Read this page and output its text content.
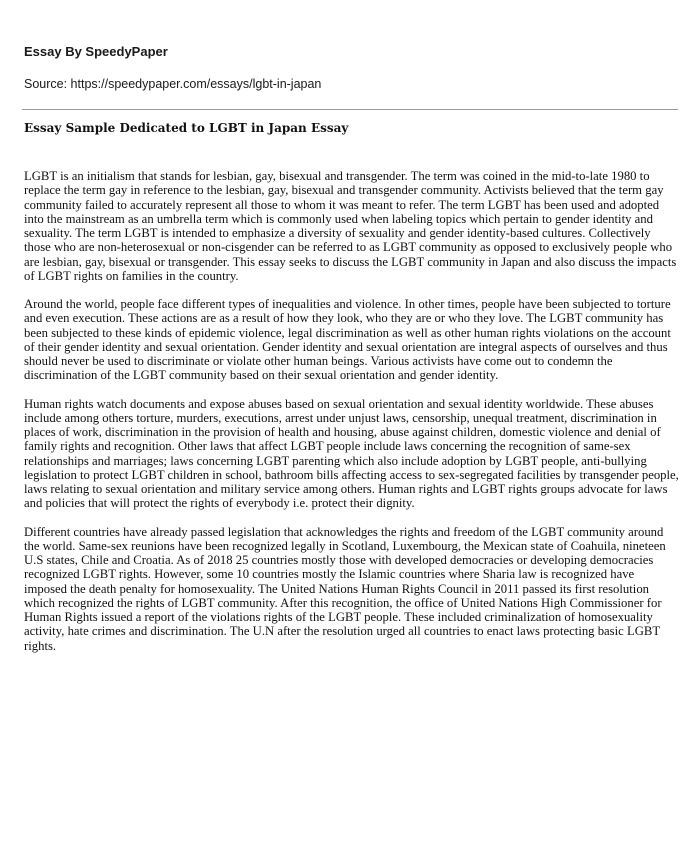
Essay By SpeedyPaper

Source: https://speedypaper.com/essays/lgbt-in-japan

Essay Sample Dedicated to LGBT in Japan Essay

LGBT is an initialism that stands for lesbian, gay, bisexual and transgender. The term was coined in the mid-to-late 1980 to replace the term gay in reference to the lesbian, gay, bisexual and transgender community. Activists believed that the term gay community failed to accurately represent all those to whom it was meant to refer. The term LGBT has been used and adopted into the mainstream as an umbrella term which is commonly used when labeling topics which pertain to gender identity and sexuality. The term LGBT is intended to emphasize a diversity of sexuality and gender identity-based cultures. Collectively those who are non-heterosexual or non-cisgender can be referred to as LGBT community as opposed to exclusively people who are lesbian, gay, bisexual or transgender. This essay seeks to discuss the LGBT community in Japan and also discuss the impacts of LGBT rights on families in the country.

Around the world, people face different types of inequalities and violence. In other times, people have been subjected to torture and even execution. These actions are as a result of how they look, who they are or who they love. The LGBT community has been subjected to these kinds of epidemic violence, legal discrimination as well as other human rights violations on the account of their gender identity and sexual orientation. Gender identity and sexual orientation are integral aspects of ourselves and thus should never be used to discriminate or violate other human beings. Various activists have come out to condemn the discrimination of the LGBT community based on their sexual orientation and gender identity.

Human rights watch documents and expose abuses based on sexual orientation and sexual identity worldwide. These abuses include among others torture, murders, executions, arrest under unjust laws, censorship, unequal treatment, discrimination in places of work, discrimination in the provision of health and housing, abuse against children, domestic violence and denial of family rights and recognition. Other laws that affect LGBT people include laws concerning the recognition of same-sex relationships and marriages; laws concerning LGBT parenting which also include adoption by LGBT people, anti-bullying legislation to protect LGBT children in school, bathroom bills affecting access to sex-segregated facilities by transgender people, laws relating to sexual orientation and military service among others. Human rights and LGBT rights groups advocate for laws and policies that will protect the rights of everybody i.e. protect their dignity.

Different countries have already passed legislation that acknowledges the rights and freedom of the LGBT community around the world. Same-sex reunions have been recognized legally in Scotland, Luxembourg, the Mexican state of Coahuila, nineteen U.S states, Chile and Croatia. As of 2018 25 countries mostly those with developed democracies or developing democracies recognized LGBT rights. However, some 10 countries mostly the Islamic countries where Sharia law is recognized have imposed the death penalty for homosexuality. The United Nations Human Rights Council in 2011 passed its first resolution which recognized the rights of LGBT community. After this recognition, the office of United Nations High Commissioner for Human Rights issued a report of the violations rights of the LGBT people. These included criminalization of homosexuality activity, hate crimes and discrimination. The U.N after the resolution urged all countries to enact laws protecting basic LGBT rights.
